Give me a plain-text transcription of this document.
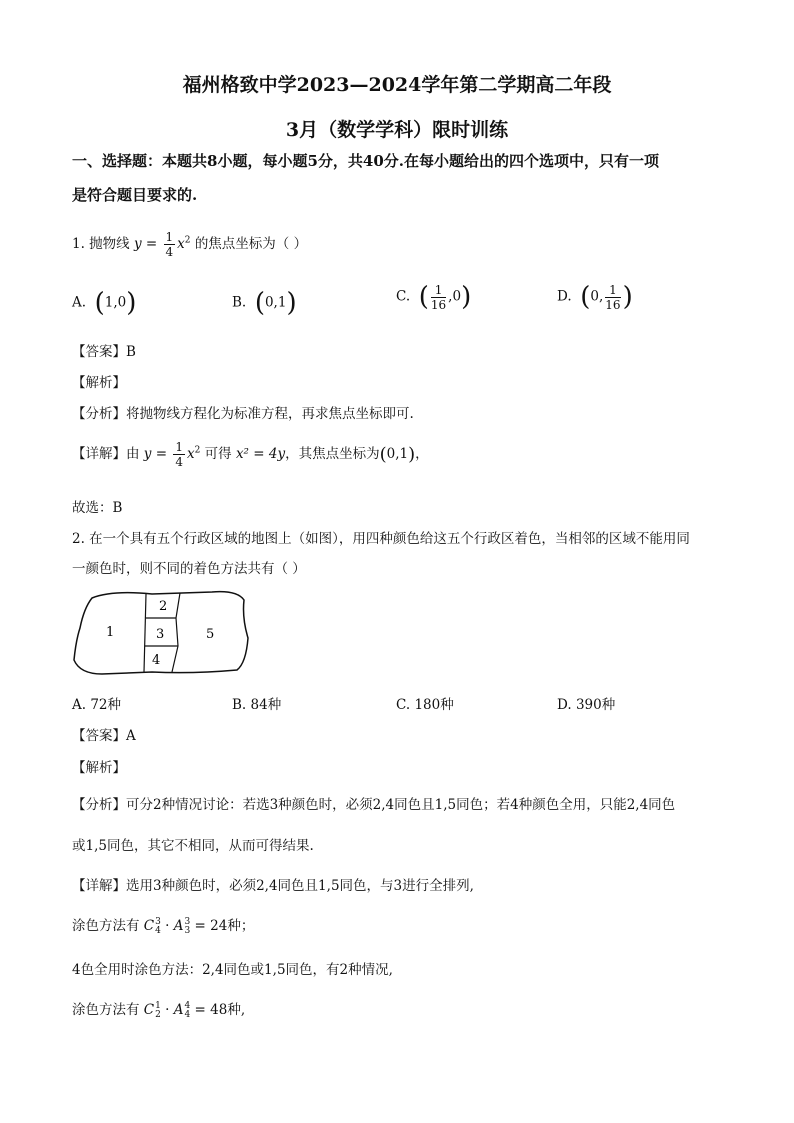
福州格致中学2023—2024学年第二学期高二年段
3月（数学学科）限时训练
一、选择题：本题共8小题，每小题5分，共40分.在每小题给出的四个选项中，只有一项
是符合题目要求的.
1. 抛物线 $y = \frac{1}{4} x^2$ 的焦点坐标为（ ）
A. (1,0)	B. (0,1)	C. ( $\frac{1}{16} ,0$)	D. (0, $\frac{1}{16}$ )
【答案】B
【解析】
【分析】将抛物线方程化为标准方程，再求焦点坐标即可.
【详解】由 $y = \frac{1}{4} x^2$ 可得 x² = 4y，其焦点坐标为(0,1)，
故选：B
2. 在一个具有五个行政区域的地图上（如图），用四种颜色给这五个行政区着色，当相邻的区域不能用同
一颜色时，则不同的着色方法共有（ ）
1
2
3
4
5
A. 72种	B. 84种	C. 180种	D. 390种
【答案】A
【解析】
【分析】可分2种情况讨论：若选3种颜色时，必须2,4同色且1,5同色；若4种颜色全用，只能2,4同色
或1,5同色，其它不相同，从而可得结果.
【详解】选用3种颜色时，必须2,4同色且1,5同色，与3进行全排列,
涂色方法有 C 3
4 · A 3
3 = 24种；
4色全用时涂色方法：2,4同色或1,5同色，有2种情况,
涂色方法有 C 1
2 · A 4
4 = 48种,
